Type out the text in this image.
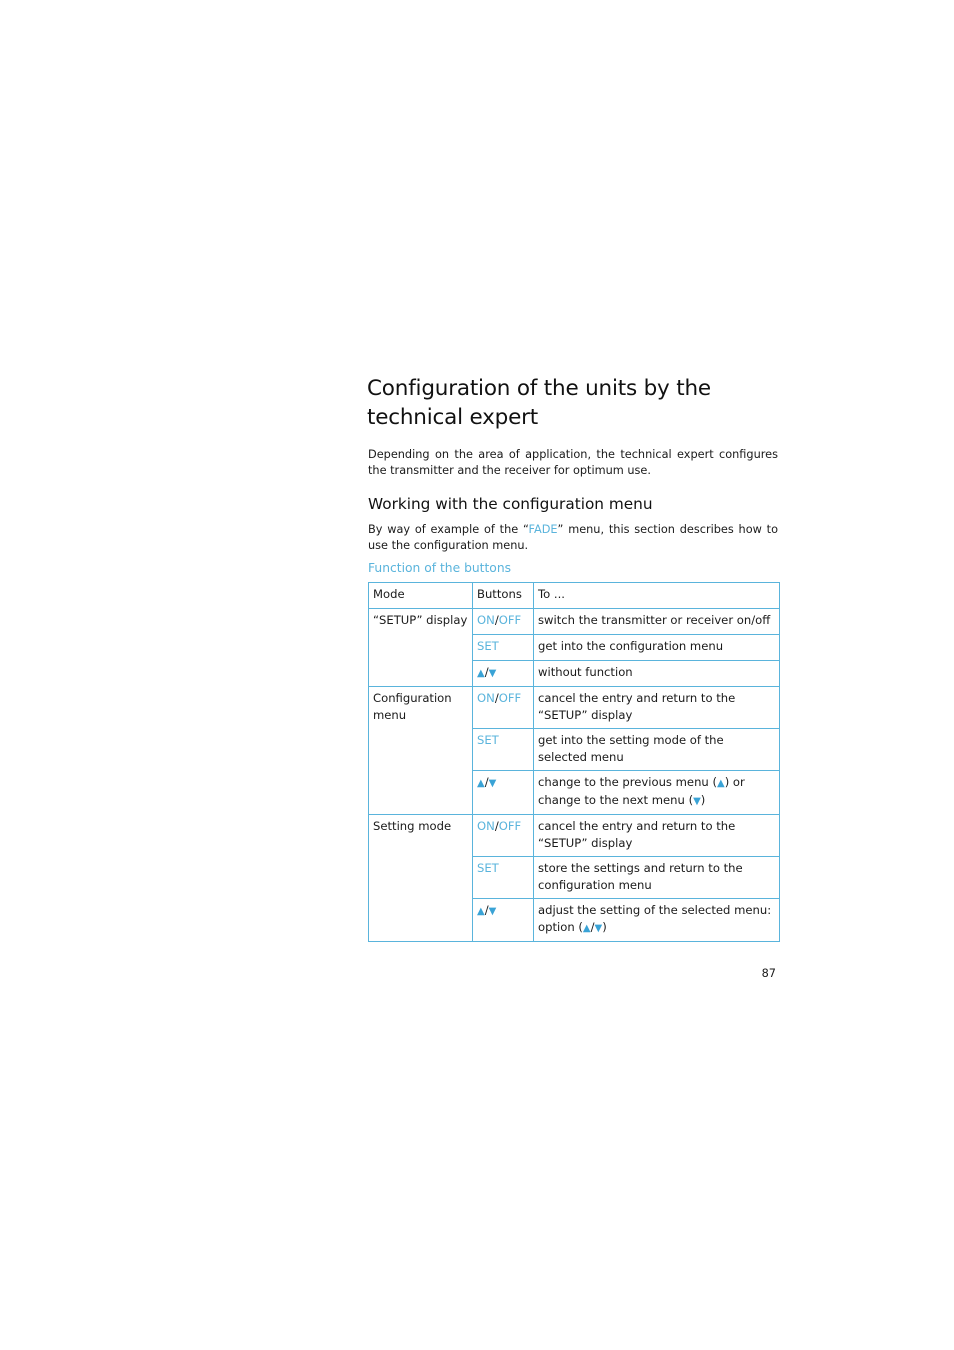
Configuration of the units by the technical expert

Depending on the area of application, the technical expert configures the transmitter and the receiver for optimum use.

Working with the configuration menu

By way of example of the “FADE” menu, this section describes how to use the configuration menu.

Function of the buttons
Mode	Buttons	To ...
“SETUP” display	ON/OFF	switch the transmitter or receiver on/off
	SET	get into the configuration menu
	▲/▼	without function
Configuration menu	ON/OFF	cancel the entry and return to the “SETUP” display
	SET	get into the setting mode of the selected menu
	▲/▼	change to the previous menu (▲) or change to the next menu (▼)
Setting mode	ON/OFF	cancel the entry and return to the “SETUP” display
	SET	store the settings and return to the configuration menu
	▲/▼	adjust the setting of the selected menu: option (▲/▼)
87
